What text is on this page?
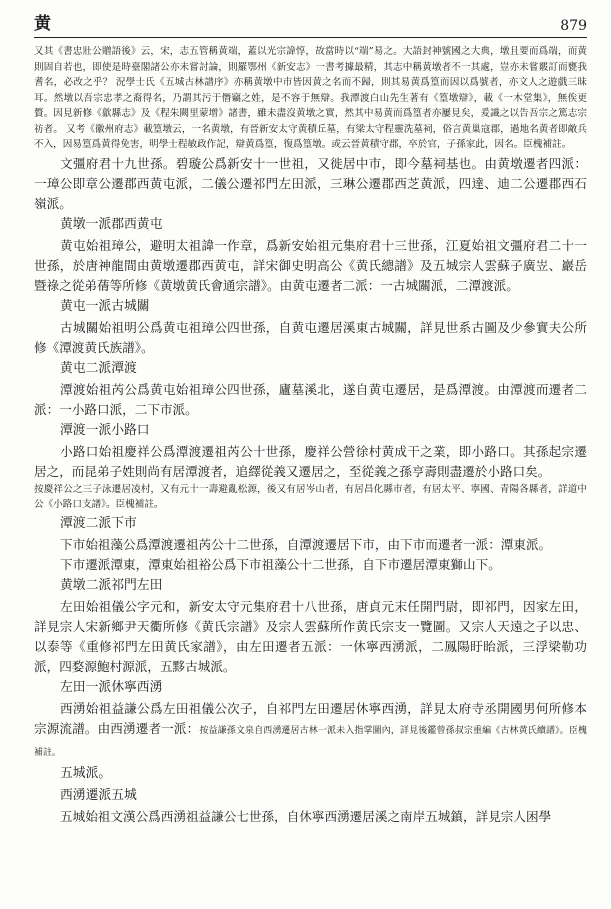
黄	879

又其《書忠壯公贈語後》云，宋，志五管稱黄端，蓋以光宗諱惇，故當時以“端”易之。大語封神號國之大典，墩且要而爲端，而黄則固自若也，即使是時臺閣諸公亦未嘗討論，則羅鄂州《新安志》一書考據最精，其志中稱黄墩者不一其處，豈亦未嘗覈訂而甕我耆名，必改之乎？ 況學士氏《五城古林譜序》亦稱黄墩中市皆因黄之名而不歸，則其易黄爲篁而因以爲號者，亦文人之遊戲三昧耳。然墩以吾宗忠孝之裔得名，乃謂其污于僭竊之姓，是不容于無辯。我潭渡白山先生著有《篁墩辯》，載《一木堂集》，無俟更贅。因見新修《歙縣志》及《程朱闕里蒙增》諸書，雖未盡沒黄墩之實，然其中易黄而爲篁者亦屢見矣，爰識之以告吾宗之篤志宗祊者。 又考《徽州府志》載篁墩云，一名黄墩，有晉新安太守黄積丘墓，有梁太守程靈洗墓祠，俗言黄巢寇郡，過地名黄者即敵兵不入，因易篁爲黄得免害，明學士程敏政作記，辯黄爲篁，復爲篁墩。或云晉黄積守郡，卒於官，子孫家此，因名。臣槐補註。

文彊府君十九世孫。碧璇公爲新安十一世祖，又徙居中市，即今墓祠基也。由黄墩遷者四派：一璋公即章公遷郡西黄屯派，二儀公遷祁門左田派，三琳公遷郡西芝黄派，四達、迪二公遷郡西石嶺派。

黄墩一派郡西黄屯

黄屯始祖璋公，避明太祖諱一作章，爲新安始祖元集府君十三世孫，江夏始祖文彊府君二十一世孫，於唐神龍間由黄墩遷郡西黄屯，詳宋御史明高公《黄氏總譜》及五城宗人雲蘇子廣岦、巖岳暨祿之從弟蒨等所修《黄墩黄氏會通宗譜》。由黄屯遷者二派：一古城關派，二潭渡派。

黄屯一派古城關

古城關始祖明公爲黄屯祖璋公四世孫，自黄屯遷居溪東古城關，詳見世系古圖及少參實夫公所修《潭渡黄氏族譜》。

黄屯二派潭渡

潭渡始祖芮公爲黄屯始祖璋公四世孫，廬墓溪北，遂自黄屯遷居，是爲潭渡。由潭渡而遷者二派：一小路口派，二下市派。

潭渡一派小路口

小路口始祖慶祥公爲潭渡遷祖芮公十世孫，慶祥公營徐村黄成干之業，即小路口。其孫起宗遷居之，而昆弟子姓則尚有居潭渡者，追繹從義又遷居之，至從義之孫亨壽則盡遷於小路口矣。

按慶祥公之三子泳遷居凌村，又有元十一壽避亂松源，後又有居岑山者，有居昌化縣市者，有居太平、寧國、青陽各縣者，詳道中公《小路口支譜》。臣槐補註。

潭渡二派下市

下市始祖藻公爲潭渡遷祖芮公十二世孫，自潭渡遷居下市，由下市而遷者一派：潭東派。

下市遷派潭東，潭東始祖裕公爲下市祖藻公十二世孫，自下市遷居潭東獅山下。

黄墩二派祁門左田

左田始祖儀公字元和，新安太守元集府君十八世孫，唐貞元末任開門尉，即祁門，因家左田，詳見宗人宋新鄉尹天衢所修《黄氏宗譜》及宗人雲蘇所作黄氏宗支一覽圖。又宗人天遠之子以忠、以泰等《重修祁門左田黄氏家譜》，由左田遷者五派：一休寧西湧派，二鳳陽盱眙派，三浮梁勒功派，四婺源鮑村源派，五黟古城派。

左田一派休寧西湧

西湧始祖益謙公爲左田祖儀公次子，自祁門左田遷居休寧西湧，詳見太府寺丞開國男何所修本宗源流譜。由西湧遷者一派：按益謙孫文泉自西湧遷居古林一派未入指掌圖內，詳見後鑑曾孫叔宗重編《古林黄氏續譜》。臣槐補註。

五城派。

西湧遷派五城

五城始祖文漢公爲西湧祖益謙公七世孫，自休寧西湧遷居溪之南岸五城鎮，詳見宗人困學
